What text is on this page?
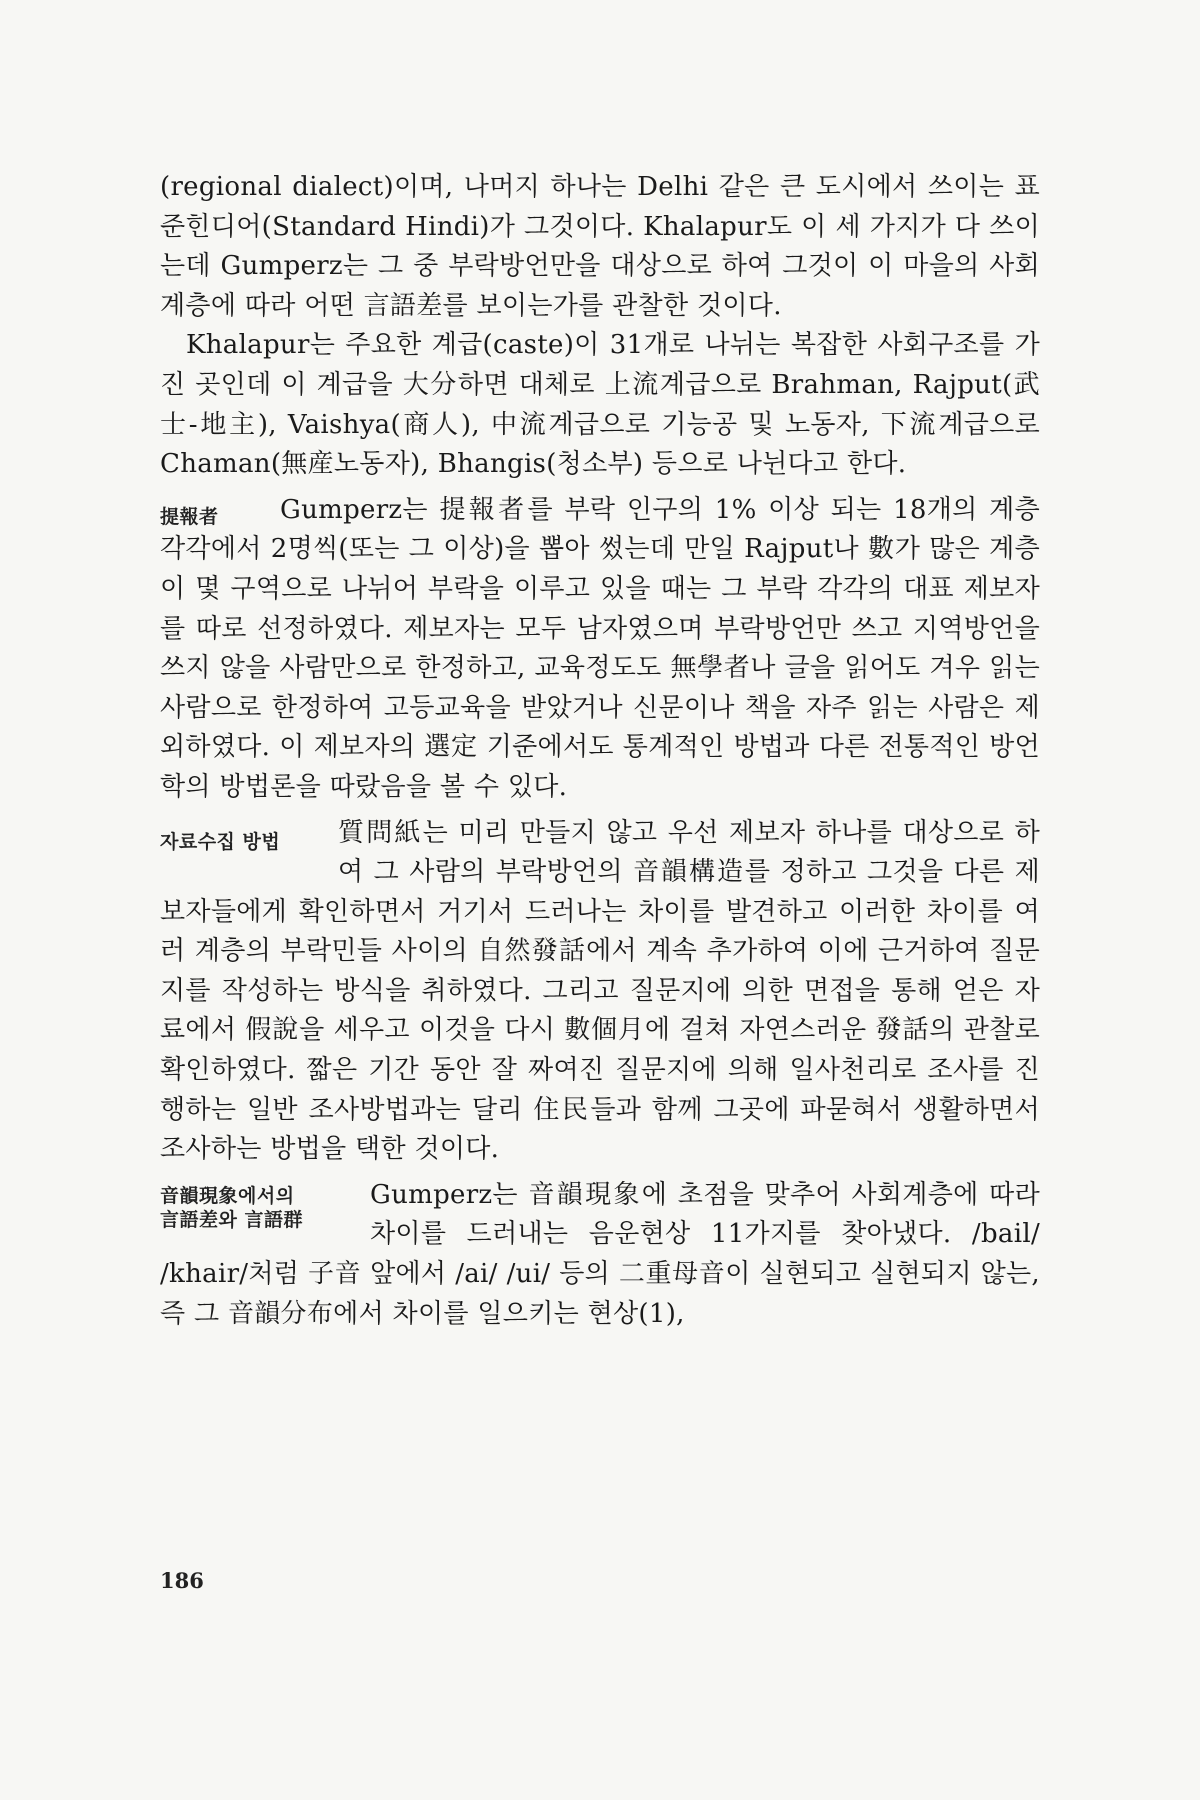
(regional dialect)이며, 나머지 하나는 Delhi 같은 큰 도시에서 쓰이는 표준힌디어(Standard Hindi)가 그것이다. Khalapur도 이 세 가지가 다 쓰이는데 Gumperz는 그 중 부락방언만을 대상으로 하여 그것이 이 마을의 사회계층에 따라 어떤 言語差를 보이는가를 관찰한 것이다.

Khalapur는 주요한 계급(caste)이 31개로 나뉘는 복잡한 사회구조를 가진 곳인데 이 계급을 大分하면 대체로 上流계급으로 Brahman, Rajput(武士-地主), Vaishya(商人), 中流계급으로 기능공 및 노동자, 下流계급으로 Chaman(無産노동자), Bhangis(청소부) 등으로 나뉜다고 한다.

提報者	Gumperz는 提報者를 부락 인구의 1% 이상 되는 18개의 계층 각각에서 2명씩(또는 그 이상)을 뽑아 썼는데 만일 Rajput나 數가 많은 계층이 몇 구역으로 나뉘어 부락을 이루고 있을 때는 그 부락 각각의 대표 제보자를 따로 선정하였다. 제보자는 모두 남자였으며 부락방언만 쓰고 지역방언을 쓰지 않을 사람만으로 한정하고, 교육정도도 無學者나 글을 읽어도 겨우 읽는 사람으로 한정하여 고등교육을 받았거나 신문이나 책을 자주 읽는 사람은 제외하였다. 이 제보자의 選定 기준에서도 통계적인 방법과 다른 전통적인 방언학의 방법론을 따랐음을 볼 수 있다.

자료수집 방법	質問紙는 미리 만들지 않고 우선 제보자 하나를 대상으로 하여 그 사람의 부락방언의 音韻構造를 정하고 그것을 다른 제보자들에게 확인하면서 거기서 드러나는 차이를 발견하고 이러한 차이를 여러 계층의 부락민들 사이의 自然發話에서 계속 추가하여 이에 근거하여 질문지를 작성하는 방식을 취하였다. 그리고 질문지에 의한 면접을 통해 얻은 자료에서 假說을 세우고 이것을 다시 數個月에 걸쳐 자연스러운 發話의 관찰로 확인하였다. 짧은 기간 동안 잘 짜여진 질문지에 의해 일사천리로 조사를 진행하는 일반 조사방법과는 달리 住民들과 함께 그곳에 파묻혀서 생활하면서 조사하는 방법을 택한 것이다.

音韻現象에서의
言語差와 言語群

Gumperz는 音韻現象에 초점을 맞추어 사회계층에 따라 차이를 드러내는 음운현상 11가지를 찾아냈다. /bail/ /khair/처럼 子音 앞에서 /ai/ /ui/ 등의 二重母音이 실현되고 실현되지 않는, 즉 그 音韻分布에서 차이를 일으키는 현상(1),

186
